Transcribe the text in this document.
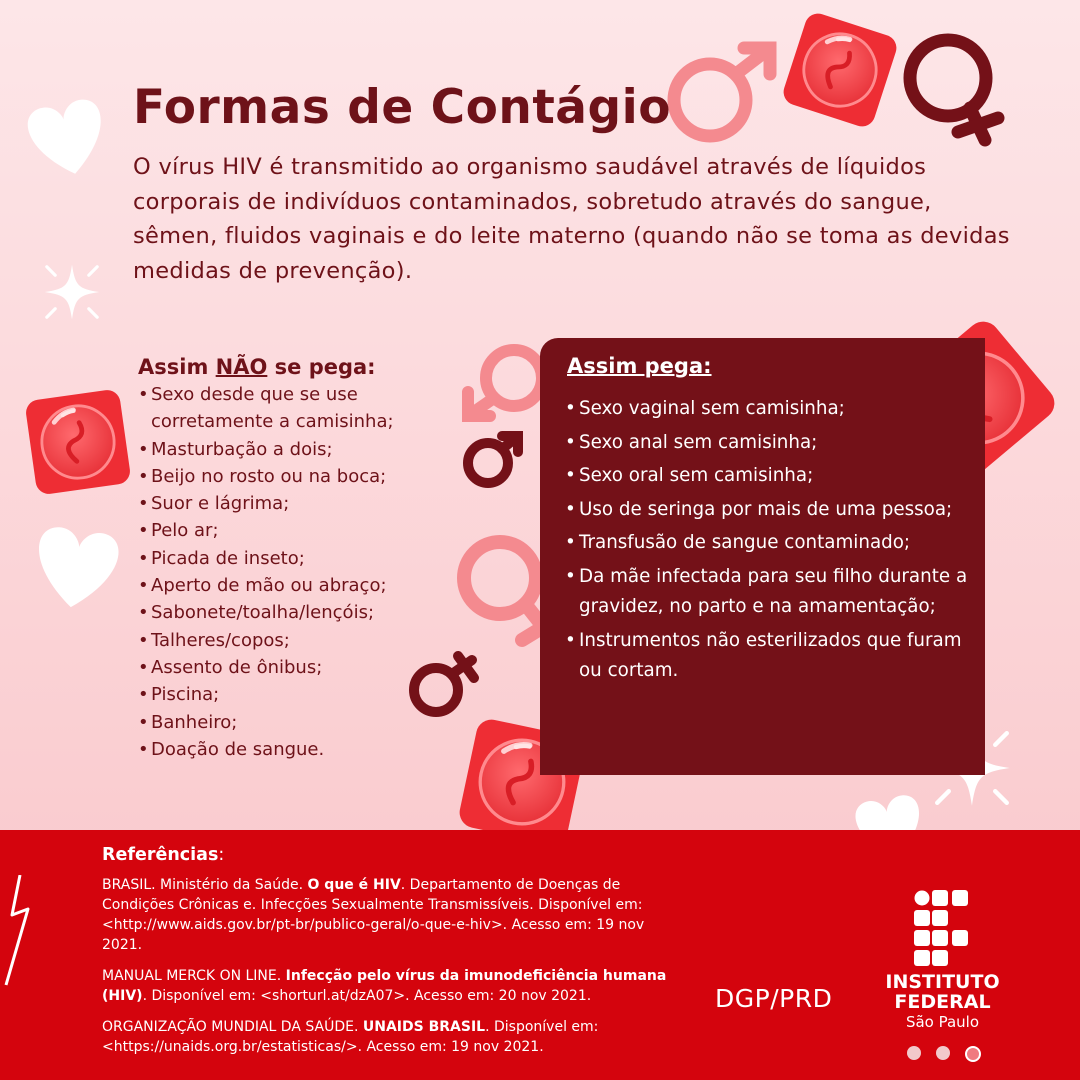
Formas de Contágio

O vírus HIV é transmitido ao organismo saudável através de líquidos corporais de indivíduos contaminados, sobretudo através do sangue, sêmen, fluidos vaginais e do leite materno (quando não se toma as devidas medidas de prevenção).

Assim NÃO se pega:
• Sexo desde que se use corretamente a camisinha;
• Masturbação a dois;
• Beijo no rosto ou na boca;
• Suor e lágrima;
• Pelo ar;
• Picada de inseto;
• Aperto de mão ou abraço;
• Sabonete/toalha/lençóis;
• Talheres/copos;
• Assento de ônibus;
• Piscina;
• Banheiro;
• Doação de sangue.
Assim pega:
• Sexo vaginal sem camisinha;
• Sexo anal sem camisinha;
• Sexo oral sem camisinha;
• Uso de seringa por mais de uma pessoa;
• Transfusão de sangue contaminado;
• Da mãe infectada para seu filho durante a gravidez, no parto e na amamentação;
• Instrumentos não esterilizados que furam ou cortam.
Referências:

BRASIL. Ministério da Saúde. O que é HIV. Departamento de Doenças de Condições Crônicas e. Infecções Sexualmente Transmissíveis. Disponível em: <http://www.aids.gov.br/pt-br/publico-geral/o-que-e-hiv>. Acesso em: 19 nov 2021.

MANUAL MERCK ON LINE. Infecção pelo vírus da imunodeficiência humana (HIV). Disponível em: <shorturl.at/dzA07>. Acesso em: 20 nov 2021.

ORGANIZAÇÃO MUNDIAL DA SAÚDE. UNAIDS BRASIL. Disponível em: <https://unaids.org.br/estatisticas/>. Acesso em: 19 nov 2021.

DGP/PRD
INSTITUTO
FEDERAL
São Paulo
